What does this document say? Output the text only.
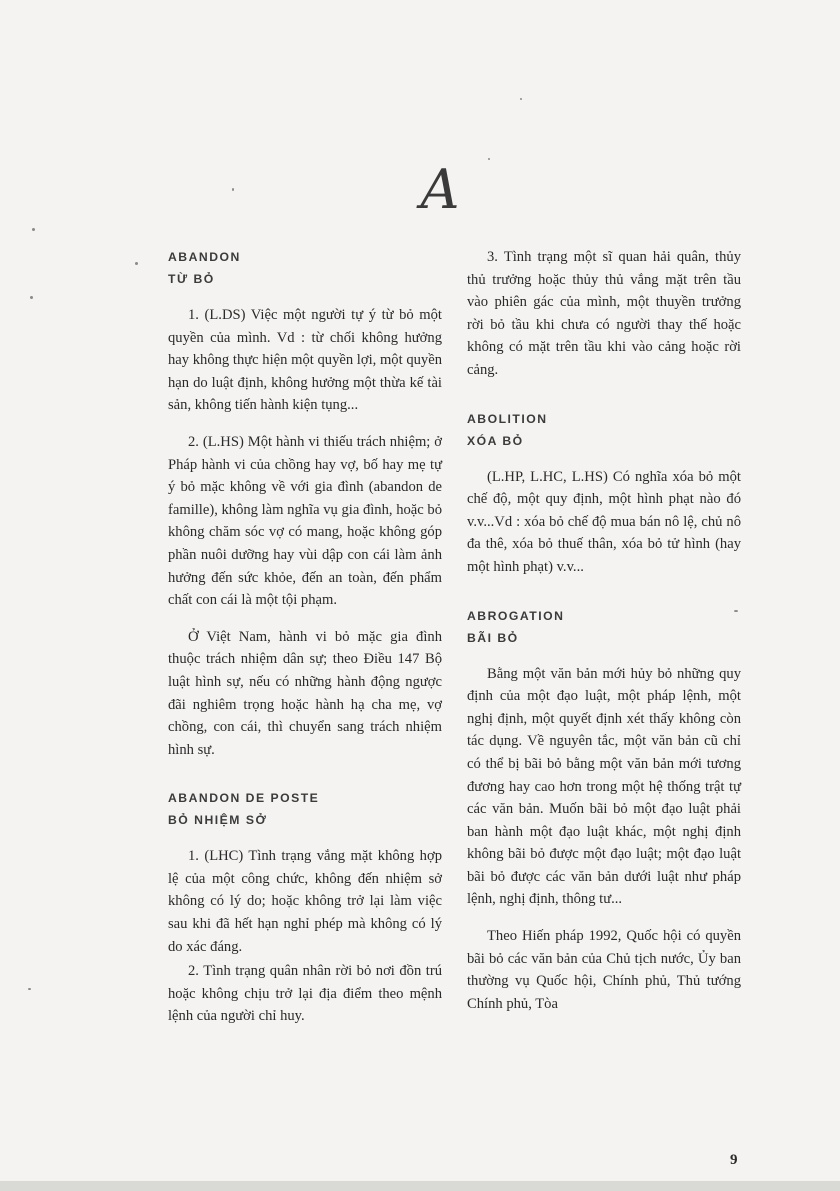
A
ABANDON
TỪ BỎ

1. (L.DS) Việc một người tự ý từ bỏ một quyền của mình. Vd : từ chối không hưởng hay không thực hiện một quyền lợi, một quyền hạn do luật định, không hưởng một thừa kế tài sản, không tiến hành kiện tụng...

2. (L.HS) Một hành vi thiếu trách nhiệm; ở Pháp hành vi của chồng hay vợ, bố hay mẹ tự ý bỏ mặc không về với gia đình (abandon de famille), không làm nghĩa vụ gia đình, hoặc bỏ không chăm sóc vợ có mang, hoặc không góp phần nuôi dưỡng hay vùi dập con cái làm ảnh hưởng đến sức khỏe, đến an toàn, đến phẩm chất con cái là một tội phạm.

Ở Việt Nam, hành vi bỏ mặc gia đình thuộc trách nhiệm dân sự; theo Điều 147 Bộ luật hình sự, nếu có những hành động ngược đãi nghiêm trọng hoặc hành hạ cha mẹ, vợ chồng, con cái, thì chuyển sang trách nhiệm hình sự.

ABANDON DE POSTE
BỎ NHIỆM SỞ

1. (LHC) Tình trạng vắng mặt không hợp lệ của một công chức, không đến nhiệm sở không có lý do; hoặc không trở lại làm việc sau khi đã hết hạn nghỉ phép mà không có lý do xác đáng.

2. Tình trạng quân nhân rời bỏ nơi đồn trú hoặc không chịu trở lại địa điểm theo mệnh lệnh của người chỉ huy.

3. Tình trạng một sĩ quan hải quân, thủy thủ trưởng hoặc thủy thủ vắng mặt trên tầu vào phiên gác của mình, một thuyền trưởng rời bỏ tầu khi chưa có người thay thế hoặc không có mặt trên tầu khi vào cảng hoặc rời cảng.

ABOLITION
XÓA BỎ

(L.HP, L.HC, L.HS) Có nghĩa xóa bỏ một chế độ, một quy định, một hình phạt nào đó v.v...Vd : xóa bỏ chế độ mua bán nô lệ, chủ nô đa thê, xóa bỏ thuế thân, xóa bỏ tử hình (hay một hình phạt) v.v...

ABROGATION
BÃI BỎ

Bằng một văn bản mới hủy bỏ những quy định của một đạo luật, một pháp lệnh, một nghị định, một quyết định xét thấy không còn tác dụng. Về nguyên tắc, một văn bản cũ chỉ có thể bị bãi bỏ bằng một văn bản mới tương đương hay cao hơn trong một hệ thống trật tự các văn bản. Muốn bãi bỏ một đạo luật phải ban hành một đạo luật khác, một nghị định không bãi bỏ được một đạo luật; một đạo luật bãi bỏ được các văn bản dưới luật như pháp lệnh, nghị định, thông tư...

Theo Hiến pháp 1992, Quốc hội có quyền bãi bỏ các văn bản của Chủ tịch nước, Ủy ban thường vụ Quốc hội, Chính phủ, Thủ tướng Chính phủ, Tòa

9
